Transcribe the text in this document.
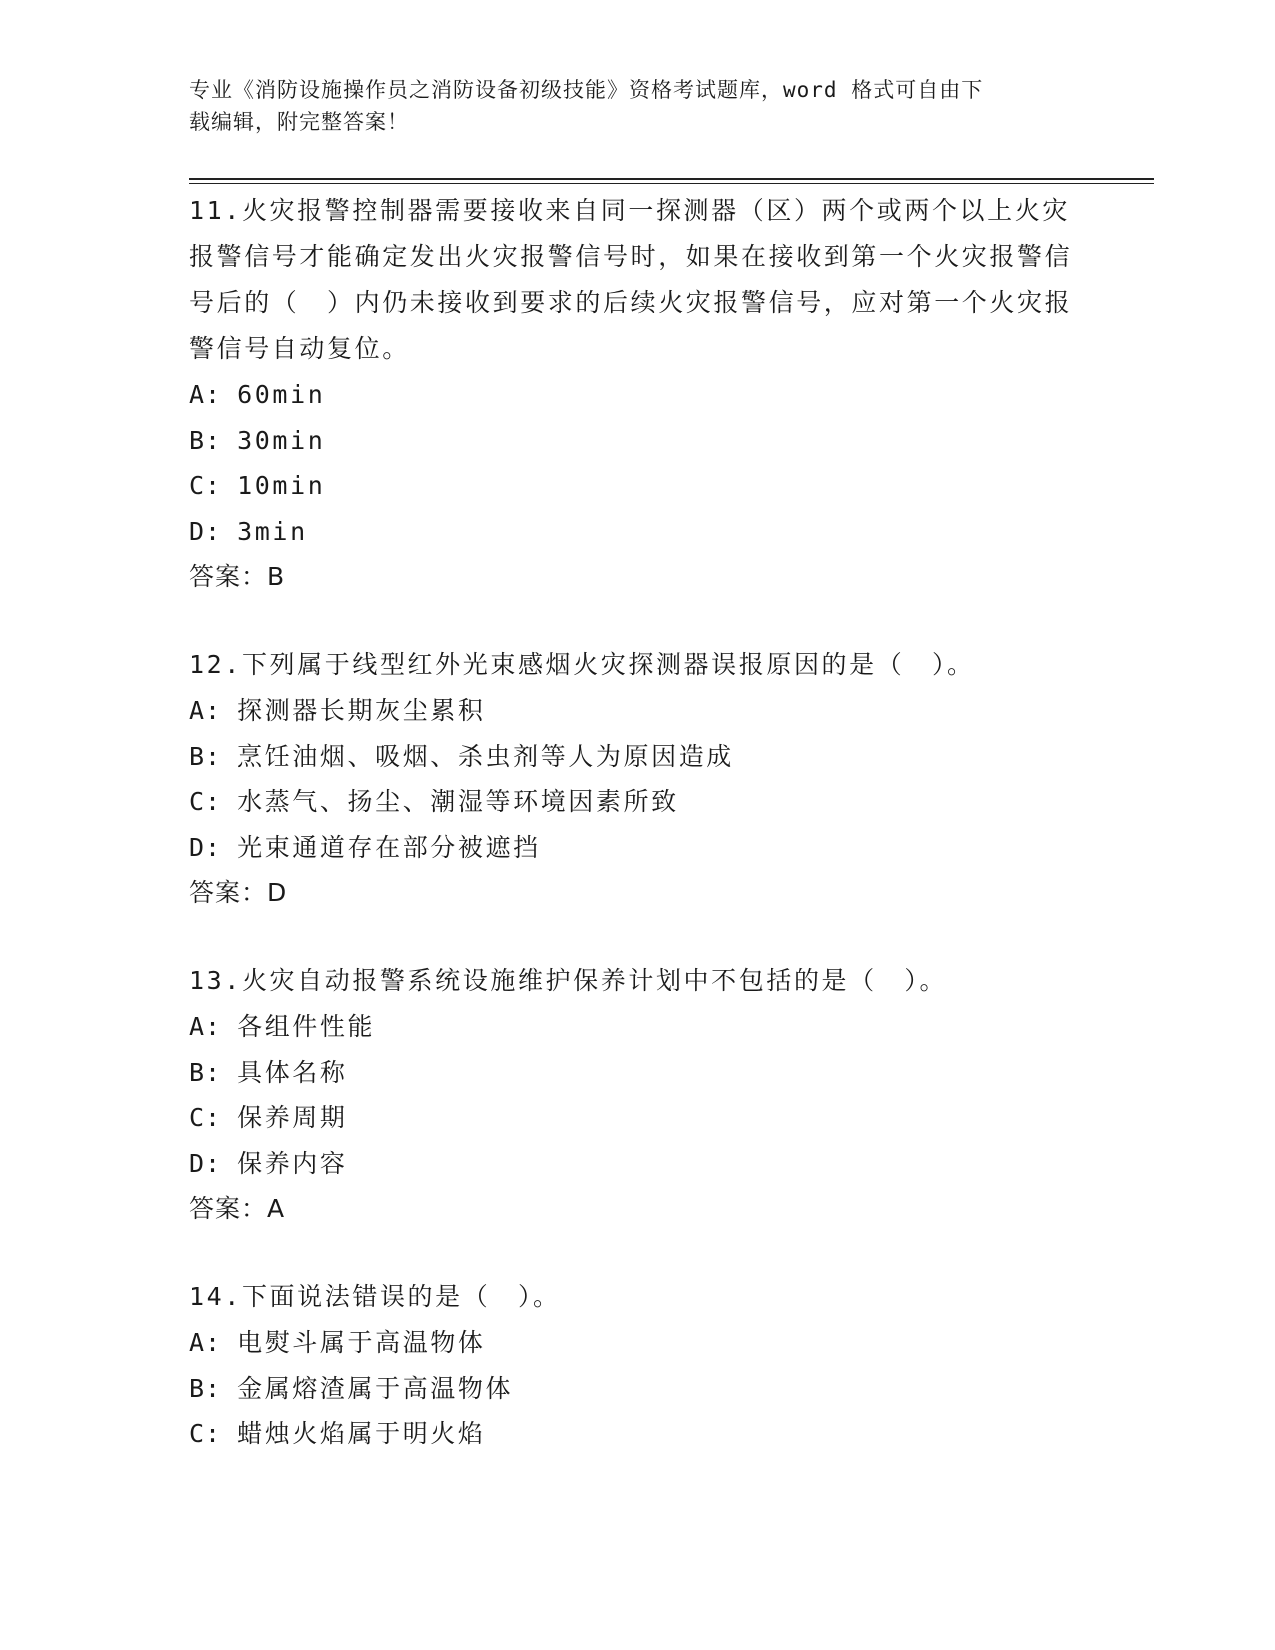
专业《消防设施操作员之消防设备初级技能》资格考试题库，word 格式可自由下
载编辑，附完整答案！

11.火灾报警控制器需要接收来自同一探测器（区）两个或两个以上火灾报警信号才能确定发出火灾报警信号时，如果在接收到第一个火灾报警信号后的（　）内仍未接收到要求的后续火灾报警信号，应对第一个火灾报警信号自动复位。

A: 60min

B: 30min

C: 10min

D: 3min

答案：B

12.下列属于线型红外光束感烟火灾探测器误报原因的是（　）。

A: 探测器长期灰尘累积

B: 烹饪油烟、吸烟、杀虫剂等人为原因造成

C: 水蒸气、扬尘、潮湿等环境因素所致

D: 光束通道存在部分被遮挡

答案：D

13.火灾自动报警系统设施维护保养计划中不包括的是（　）。

A: 各组件性能

B: 具体名称

C: 保养周期

D: 保养内容

答案：A

14.下面说法错误的是（　）。

A: 电熨斗属于高温物体

B: 金属熔渣属于高温物体

C: 蜡烛火焰属于明火焰
